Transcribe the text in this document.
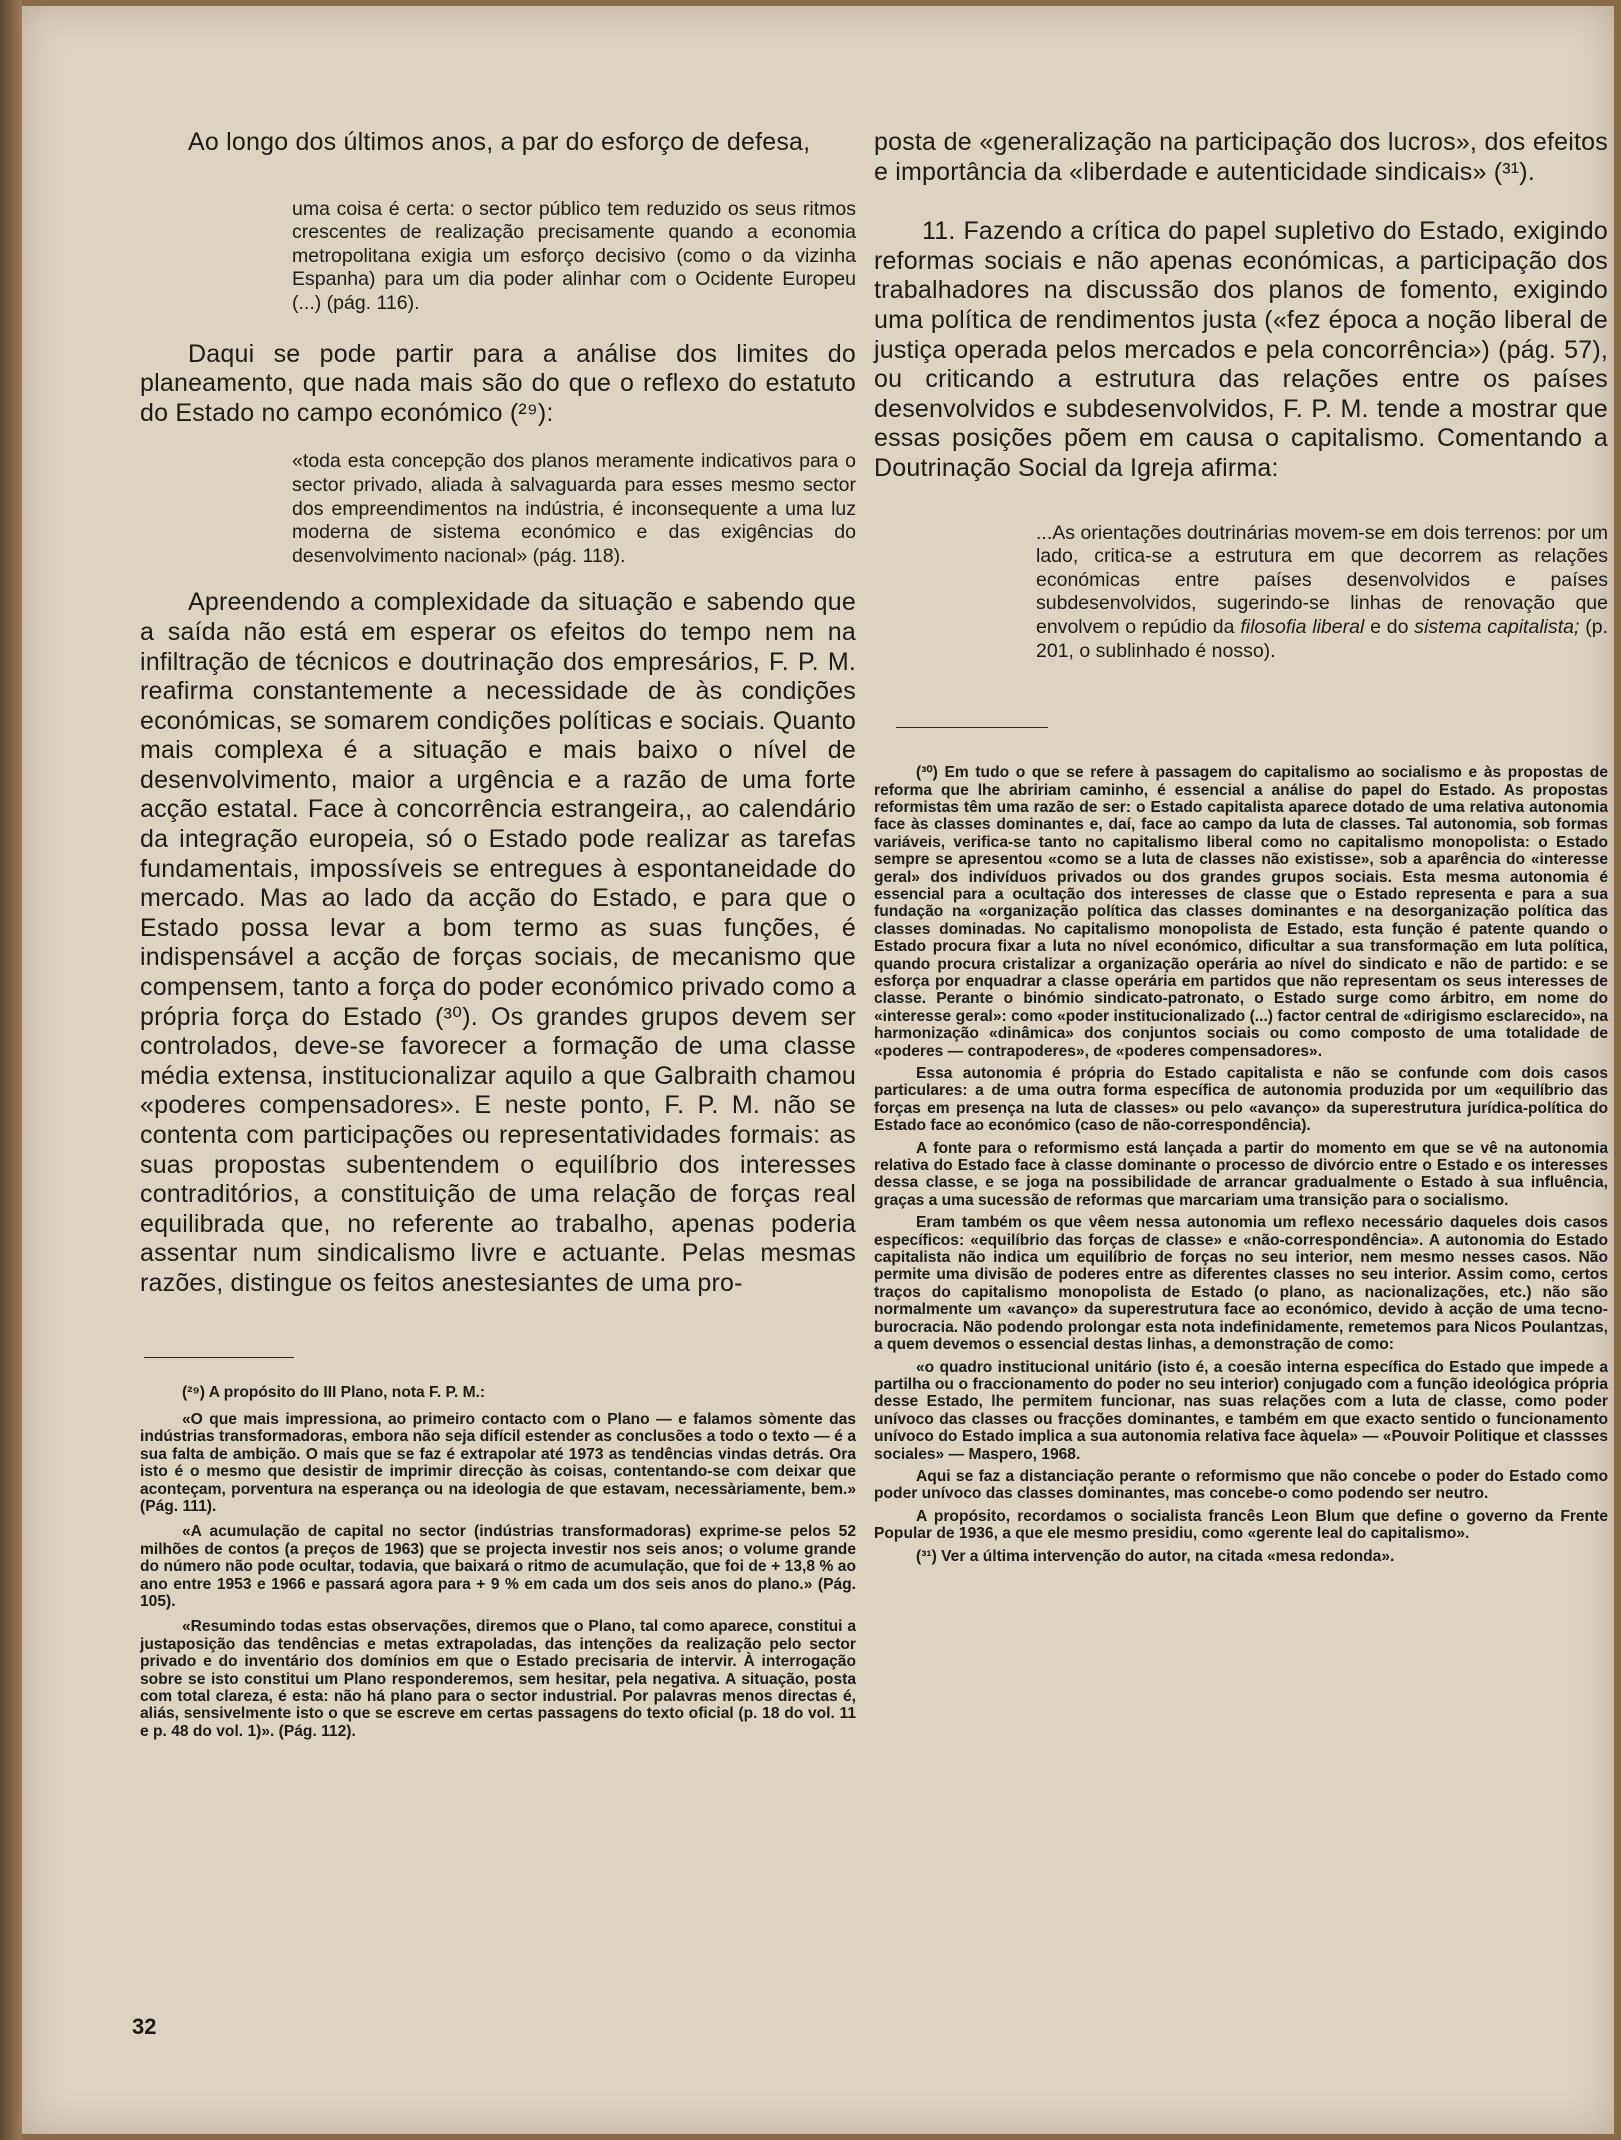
Ao longo dos últimos anos, a par do esforço de defesa,

uma coisa é certa: o sector público tem reduzido os seus ritmos crescentes de realização precisamente quando a economia metropolitana exigia um esforço decisivo (como o da vizinha Espanha) para um dia poder alinhar com o Ocidente Europeu (...) (pág. 116).

Daqui se pode partir para a análise dos limites do planeamento, que nada mais são do que o reflexo do estatuto do Estado no campo económico (²⁹):

«toda esta concepção dos planos meramente indicativos para o sector privado, aliada à salvaguarda para esses mesmo sector dos empreendimentos na indústria, é inconsequente a uma luz moderna de sistema económico e das exigências do desenvolvimento nacional» (pág. 118).

Apreendendo a complexidade da situação e sabendo que a saída não está em esperar os efeitos do tempo nem na infiltração de técnicos e doutrinação dos empresários, F. P. M. reafirma constantemente a necessidade de às condições económicas, se somarem condições políticas e sociais. Quanto mais complexa é a situação e mais baixo o nível de desenvolvimento, maior a urgência e a razão de uma forte acção estatal. Face à concorrência estrangeira,, ao calendário da integração europeia, só o Estado pode realizar as tarefas fundamentais, impossíveis se entregues à espontaneidade do mercado. Mas ao lado da acção do Estado, e para que o Estado possa levar a bom termo as suas funções, é indispensável a acção de forças sociais, de mecanismo que compensem, tanto a força do poder económico privado como a própria força do Estado (³⁰). Os grandes grupos devem ser controlados, deve-se favorecer a formação de uma classe média extensa, institucionalizar aquilo a que Galbraith chamou «poderes compensadores». E neste ponto, F. P. M. não se contenta com participações ou representatividades formais: as suas propostas subentendem o equilíbrio dos interesses contraditórios, a constituição de uma relação de forças real equilibrada que, no referente ao trabalho, apenas poderia assentar num sindicalismo livre e actuante. Pelas mesmas razões, distingue os feitos anestesiantes de uma pro-

(²⁹) A propósito do III Plano, nota F. P. M.:

«O que mais impressiona, ao primeiro contacto com o Plano — e falamos sòmente das indústrias transformadoras, embora não seja difícil estender as conclusões a todo o texto — é a sua falta de ambição. O mais que se faz é extrapolar até 1973 as tendências vindas detrás. Ora isto é o mesmo que desistir de imprimir direcção às coisas, contentando-se com deixar que aconteçam, porventura na esperança ou na ideologia de que estavam, necessàriamente, bem.» (Pág. 111).

«A acumulação de capital no sector (indústrias transformadoras) exprime-se pelos 52 milhões de contos (a preços de 1963) que se projecta investir nos seis anos; o volume grande do número não pode ocultar, todavia, que baixará o ritmo de acumulação, que foi de + 13,8 % ao ano entre 1953 e 1966 e passará agora para + 9 % em cada um dos seis anos do plano.» (Pág. 105).

«Resumindo todas estas observações, diremos que o Plano, tal como aparece, constitui a justaposição das tendências e metas extrapoladas, das intenções da realização pelo sector privado e do inventário dos domínios em que o Estado precisaria de intervir. À interrogação sobre se isto constitui um Plano responderemos, sem hesitar, pela negativa. A situação, posta com total clareza, é esta: não há plano para o sector industrial. Por palavras menos directas é, aliás, sensivelmente isto o que se escreve em certas passagens do texto oficial (p. 18 do vol. 11 e p. 48 do vol. 1)». (Pág. 112).

posta de «generalização na participação dos lucros», dos efeitos e importância da «liberdade e autenticidade sindicais» (³¹).

11. Fazendo a crítica do papel supletivo do Estado, exigindo reformas sociais e não apenas económicas, a participação dos trabalhadores na discussão dos planos de fomento, exigindo uma política de rendimentos justa («fez época a noção liberal de justiça operada pelos mercados e pela concorrência») (pág. 57), ou criticando a estrutura das relações entre os países desenvolvidos e subdesenvolvidos, F. P. M. tende a mostrar que essas posições põem em causa o capitalismo. Comentando a Doutrinação Social da Igreja afirma:

...As orientações doutrinárias movem-se em dois terrenos: por um lado, critica-se a estrutura em que decorrem as relações económicas entre países desenvolvidos e países subdesenvolvidos, sugerindo-se linhas de renovação que envolvem o repúdio da filosofia liberal e do sistema capitalista; (p. 201, o sublinhado é nosso).

(³⁰) Em tudo o que se refere à passagem do capitalismo ao socialismo e às propostas de reforma que lhe abririam caminho, é essencial a análise do papel do Estado. As propostas reformistas têm uma razão de ser: o Estado capitalista aparece dotado de uma relativa autonomia face às classes dominantes e, daí, face ao campo da luta de classes. Tal autonomia, sob formas variáveis, verifica-se tanto no capitalismo liberal como no capitalismo monopolista: o Estado sempre se apresentou «como se a luta de classes não existisse», sob a aparência do «interesse geral» dos indivíduos privados ou dos grandes grupos sociais. Esta mesma autonomia é essencial para a ocultação dos interesses de classe que o Estado representa e para a sua fundação na «organização política das classes dominantes e na desorganização política das classes dominadas. No capitalismo monopolista de Estado, esta função é patente quando o Estado procura fixar a luta no nível económico, dificultar a sua transformação em luta política, quando procura cristalizar a organização operária ao nível do sindicato e não de partido: e se esforça por enquadrar a classe operária em partidos que não representam os seus interesses de classe. Perante o binómio sindicato-patronato, o Estado surge como árbitro, em nome do «interesse geral»: como «poder institucionalizado (...) factor central de «dirigismo esclarecido», na harmonização «dinâmica» dos conjuntos sociais ou como composto de uma totalidade de «poderes — contrapoderes», de «poderes compensadores».

Essa autonomia é própria do Estado capitalista e não se confunde com dois casos particulares: a de uma outra forma específica de autonomia produzida por um «equilíbrio das forças em presença na luta de classes» ou pelo «avanço» da superestrutura jurídica-política do Estado face ao económico (caso de não-correspondência).

A fonte para o reformismo está lançada a partir do momento em que se vê na autonomia relativa do Estado face à classe dominante o processo de divórcio entre o Estado e os interesses dessa classe, e se joga na possibilidade de arrancar gradualmente o Estado à sua influência, graças a uma sucessão de reformas que marcariam uma transição para o socialismo.

Eram também os que vêem nessa autonomia um reflexo necessário daqueles dois casos específicos: «equilíbrio das forças de classe» e «não-correspondência». A autonomia do Estado capitalista não indica um equilíbrio de forças no seu interior, nem mesmo nesses casos. Não permite uma divisão de poderes entre as diferentes classes no seu interior. Assim como, certos traços do capitalismo monopolista de Estado (o plano, as nacionalizações, etc.) não são normalmente um «avanço» da superestrutura face ao económico, devido à acção de uma tecno-burocracia. Não podendo prolongar esta nota indefinidamente, remetemos para Nicos Poulantzas, a quem devemos o essencial destas linhas, a demonstração de como:

«o quadro institucional unitário (isto é, a coesão interna específica do Estado que impede a partilha ou o fraccionamento do poder no seu interior) conjugado com a função ideológica própria desse Estado, lhe permitem funcionar, nas suas relações com a luta de classe, como poder unívoco das classes ou fracções dominantes, e também em que exacto sentido o funcionamento unívoco do Estado implica a sua autonomia relativa face àquela» — «Pouvoir Politique et classses sociales» — Maspero, 1968.

Aqui se faz a distanciação perante o reformismo que não concebe o poder do Estado como poder unívoco das classes dominantes, mas concebe-o como podendo ser neutro.

A propósito, recordamos o socialista francês Leon Blum que define o governo da Frente Popular de 1936, a que ele mesmo presidiu, como «gerente leal do capitalismo».

(³¹) Ver a última intervenção do autor, na citada «mesa redonda».

32
